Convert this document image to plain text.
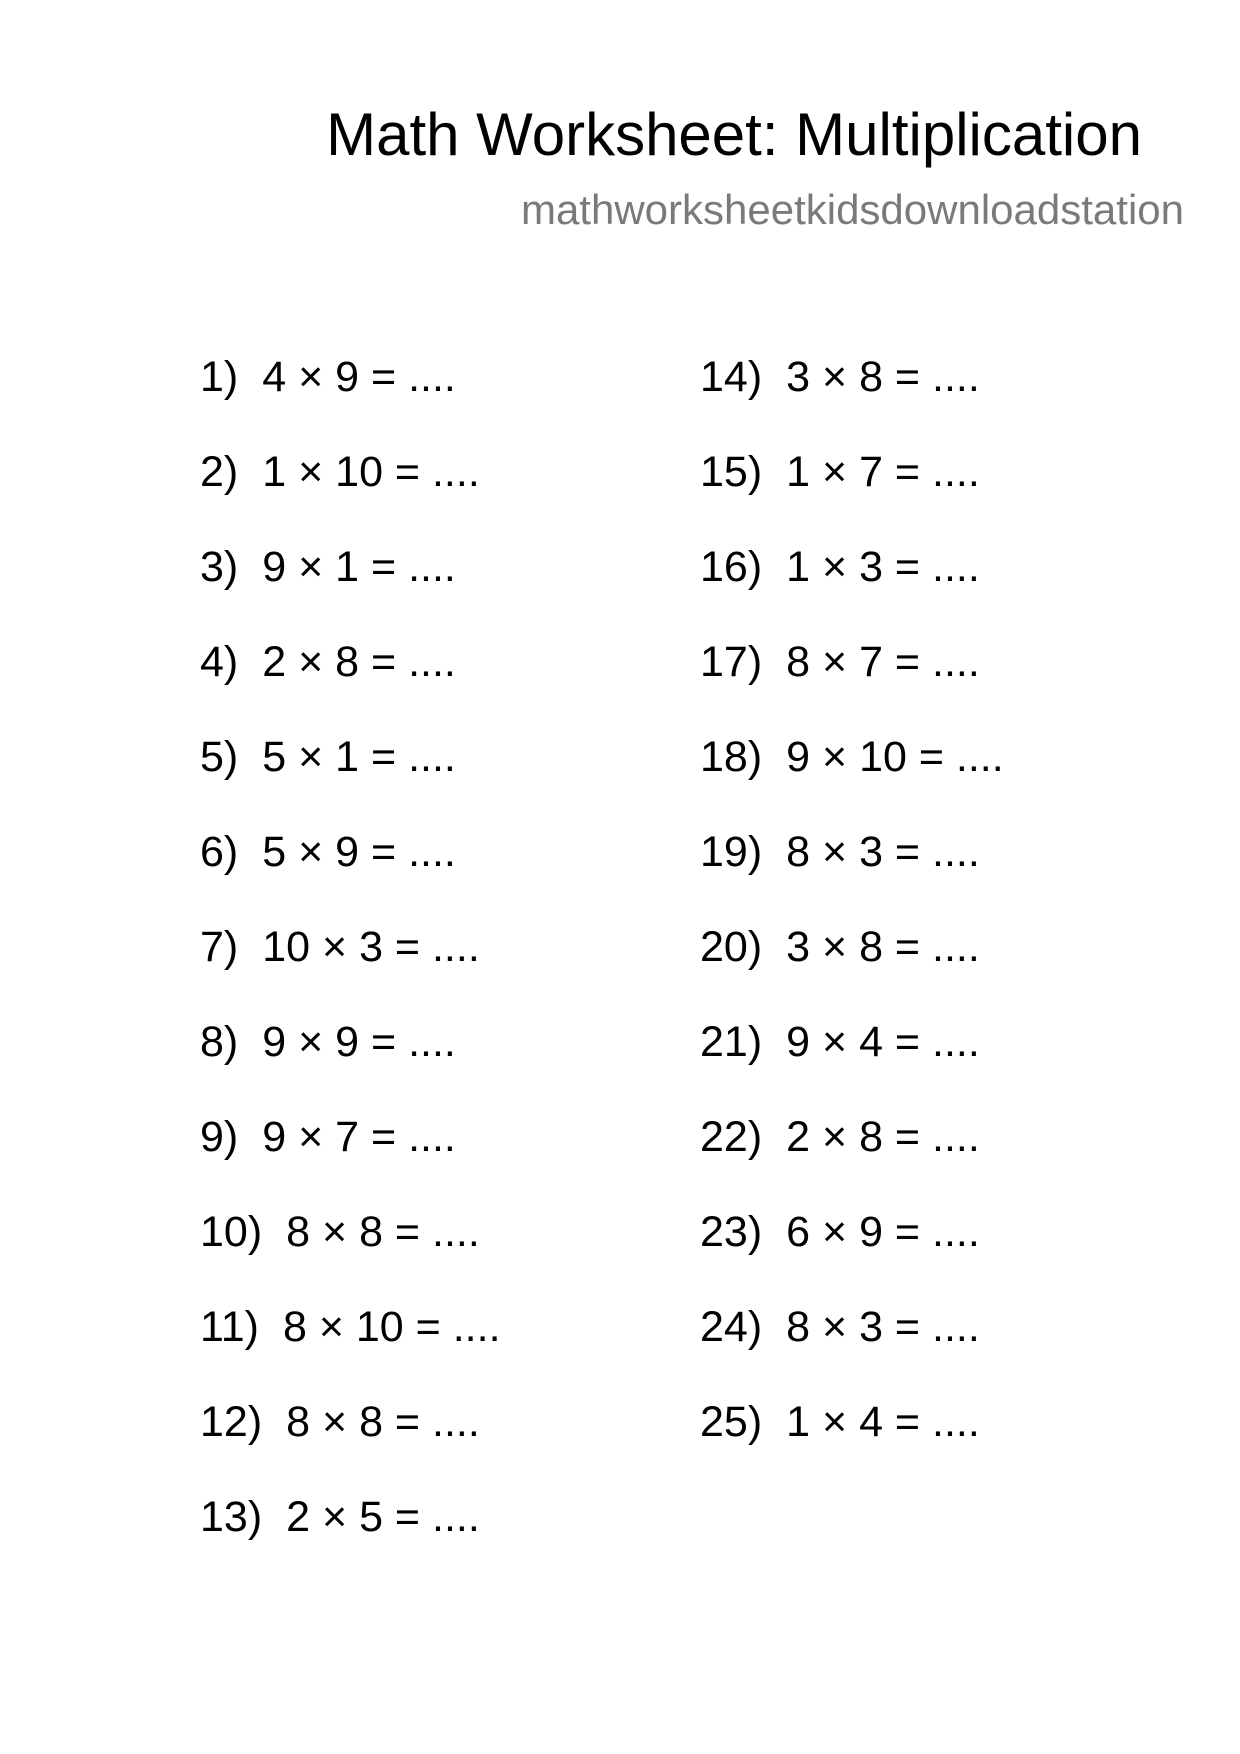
Math Worksheet: Multiplication
mathworksheetkidsdownloadstation
1) 4 × 9 = ....
2) 1 × 10 = ....
3) 9 × 1 = ....
4) 2 × 8 = ....
5) 5 × 1 = ....
6) 5 × 9 = ....
7) 10 × 3 = ....
8) 9 × 9 = ....
9) 9 × 7 = ....
10) 8 × 8 = ....
11) 8 × 10 = ....
12) 8 × 8 = ....
13) 2 × 5 = ....
14) 3 × 8 = ....
15) 1 × 7 = ....
16) 1 × 3 = ....
17) 8 × 7 = ....
18) 9 × 10 = ....
19) 8 × 3 = ....
20) 3 × 8 = ....
21) 9 × 4 = ....
22) 2 × 8 = ....
23) 6 × 9 = ....
24) 8 × 3 = ....
25) 1 × 4 = ....
